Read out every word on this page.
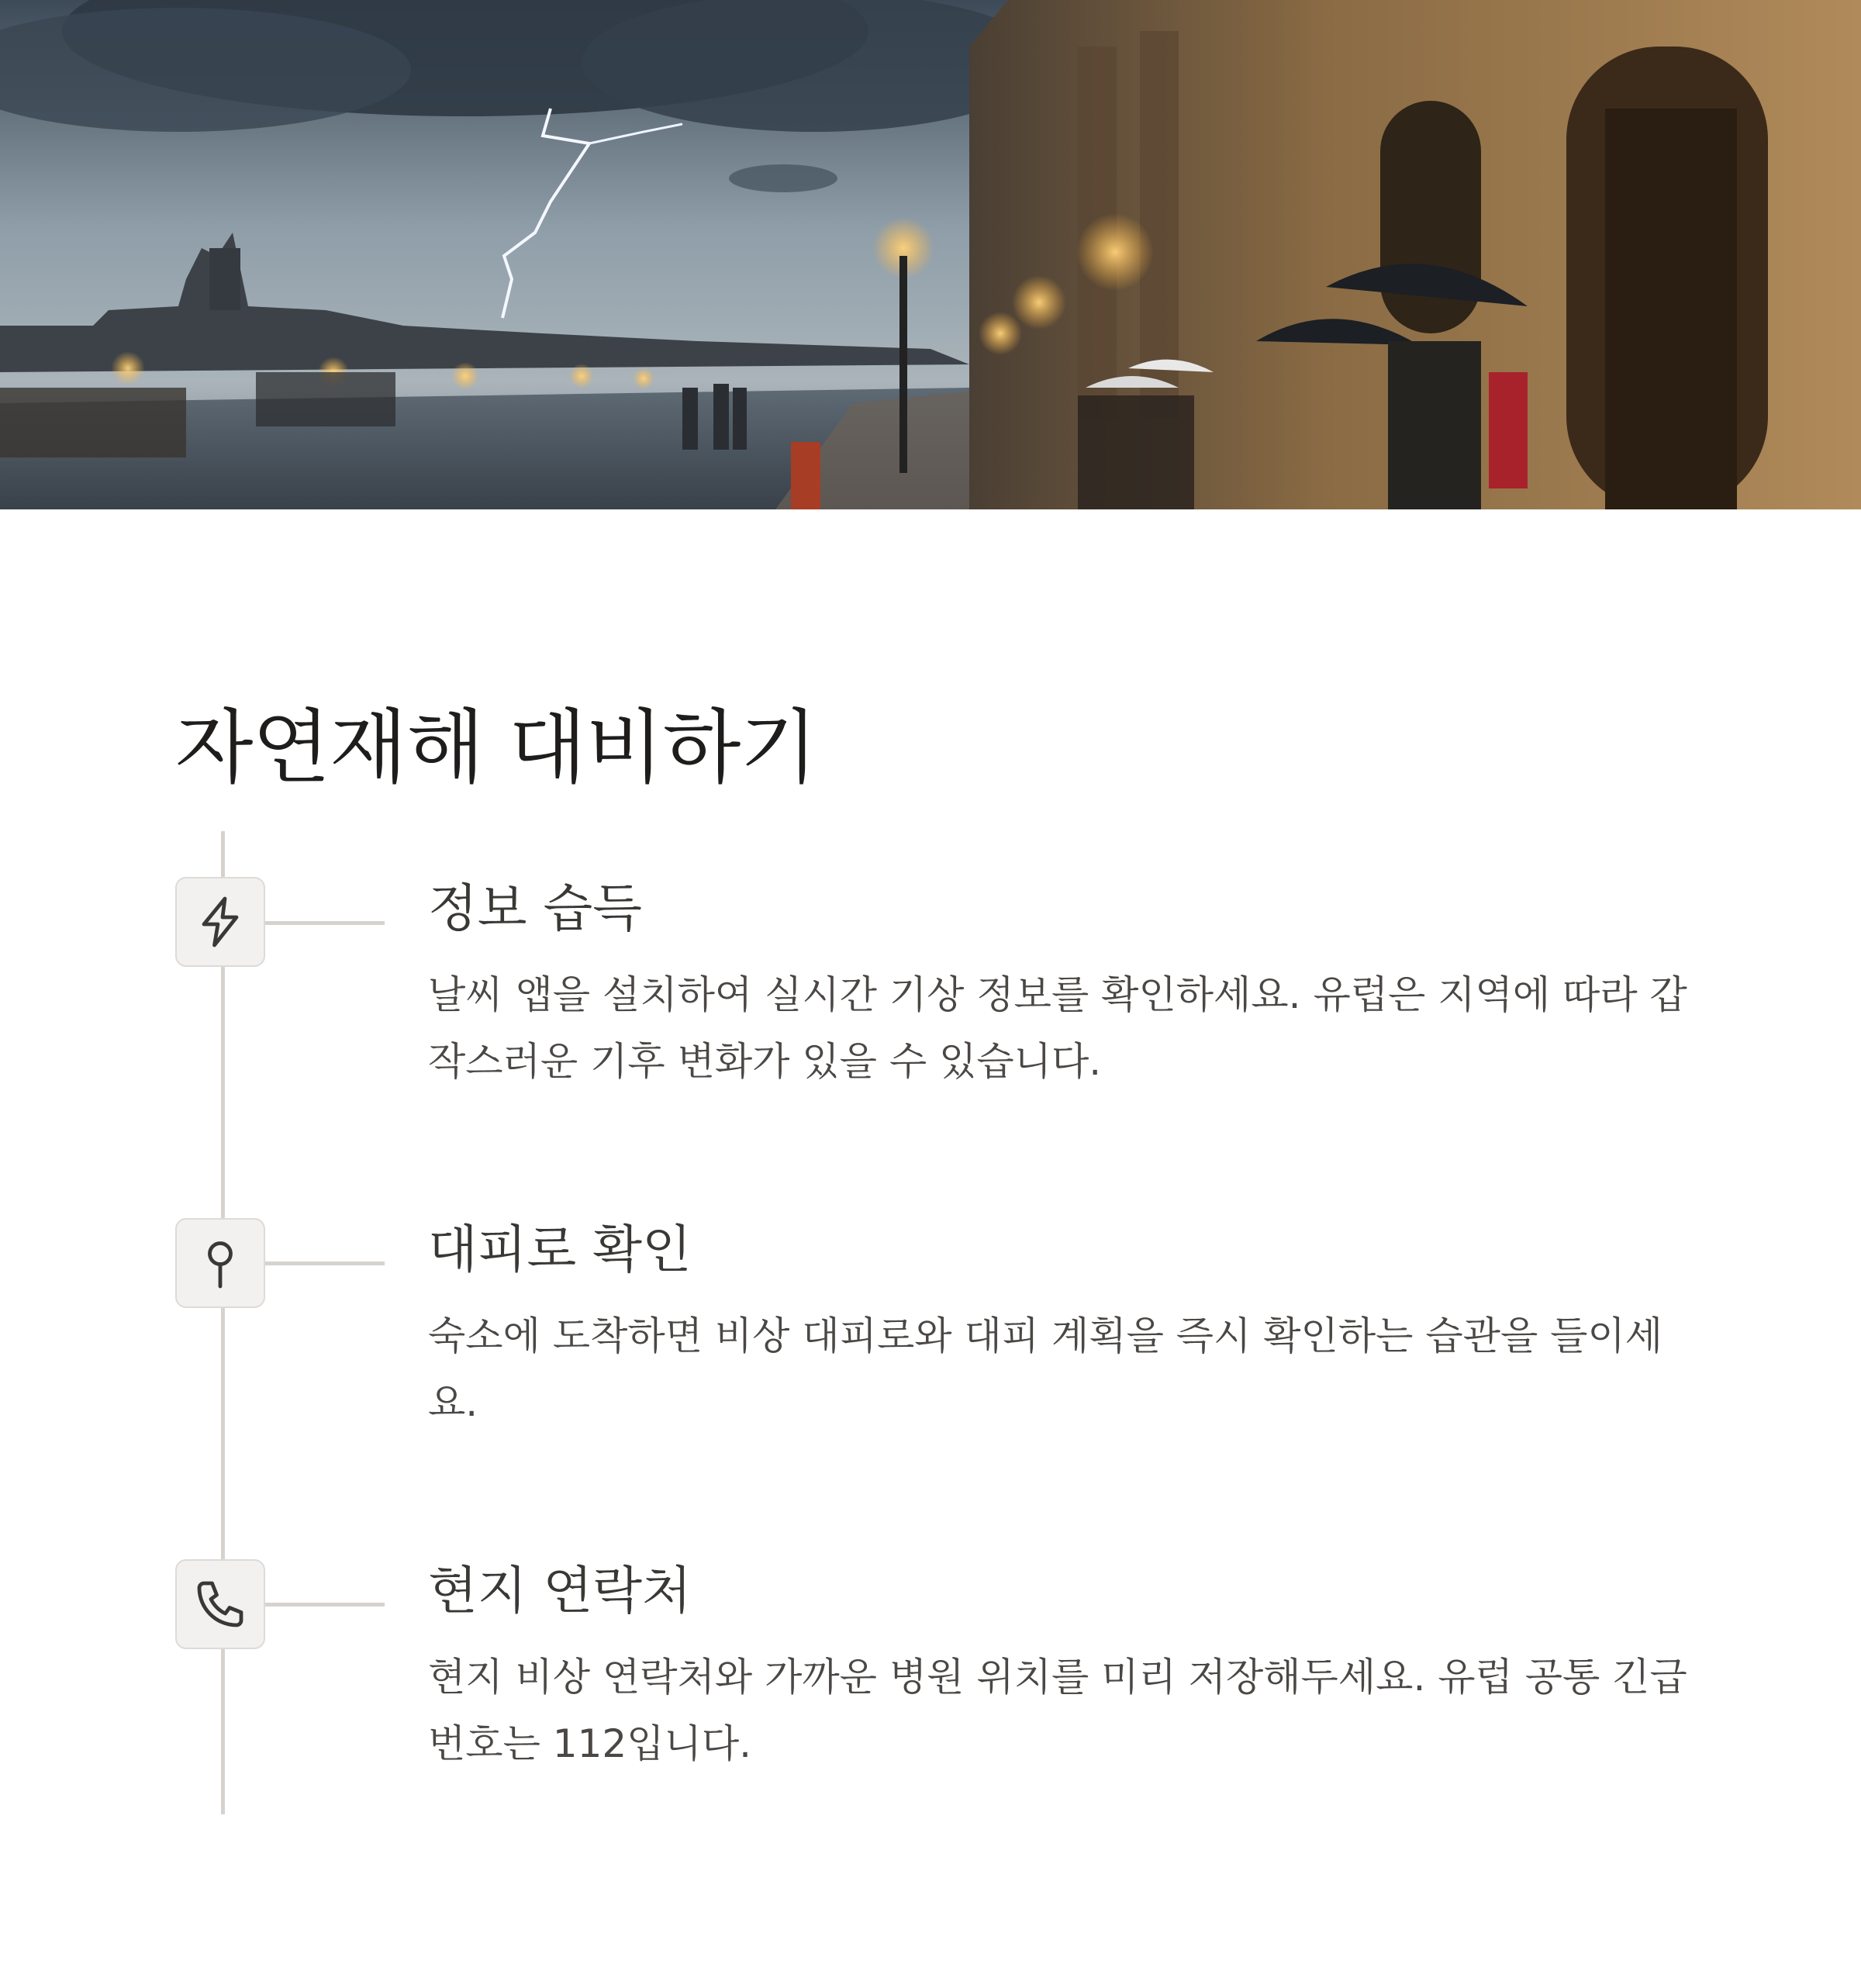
자연재해 대비하기
정보 습득

날씨 앱을 설치하여 실시간 기상 정보를 확인하세요. 유럽은 지역에 따라 갑작스러운 기후 변화가 있을 수 있습니다.

대피로 확인

숙소에 도착하면 비상 대피로와 대피 계획을 즉시 확인하는 습관을 들이세요.

현지 연락처

현지 비상 연락처와 가까운 병원 위치를 미리 저장해두세요. 유럽 공통 긴급 번호는 112입니다.
